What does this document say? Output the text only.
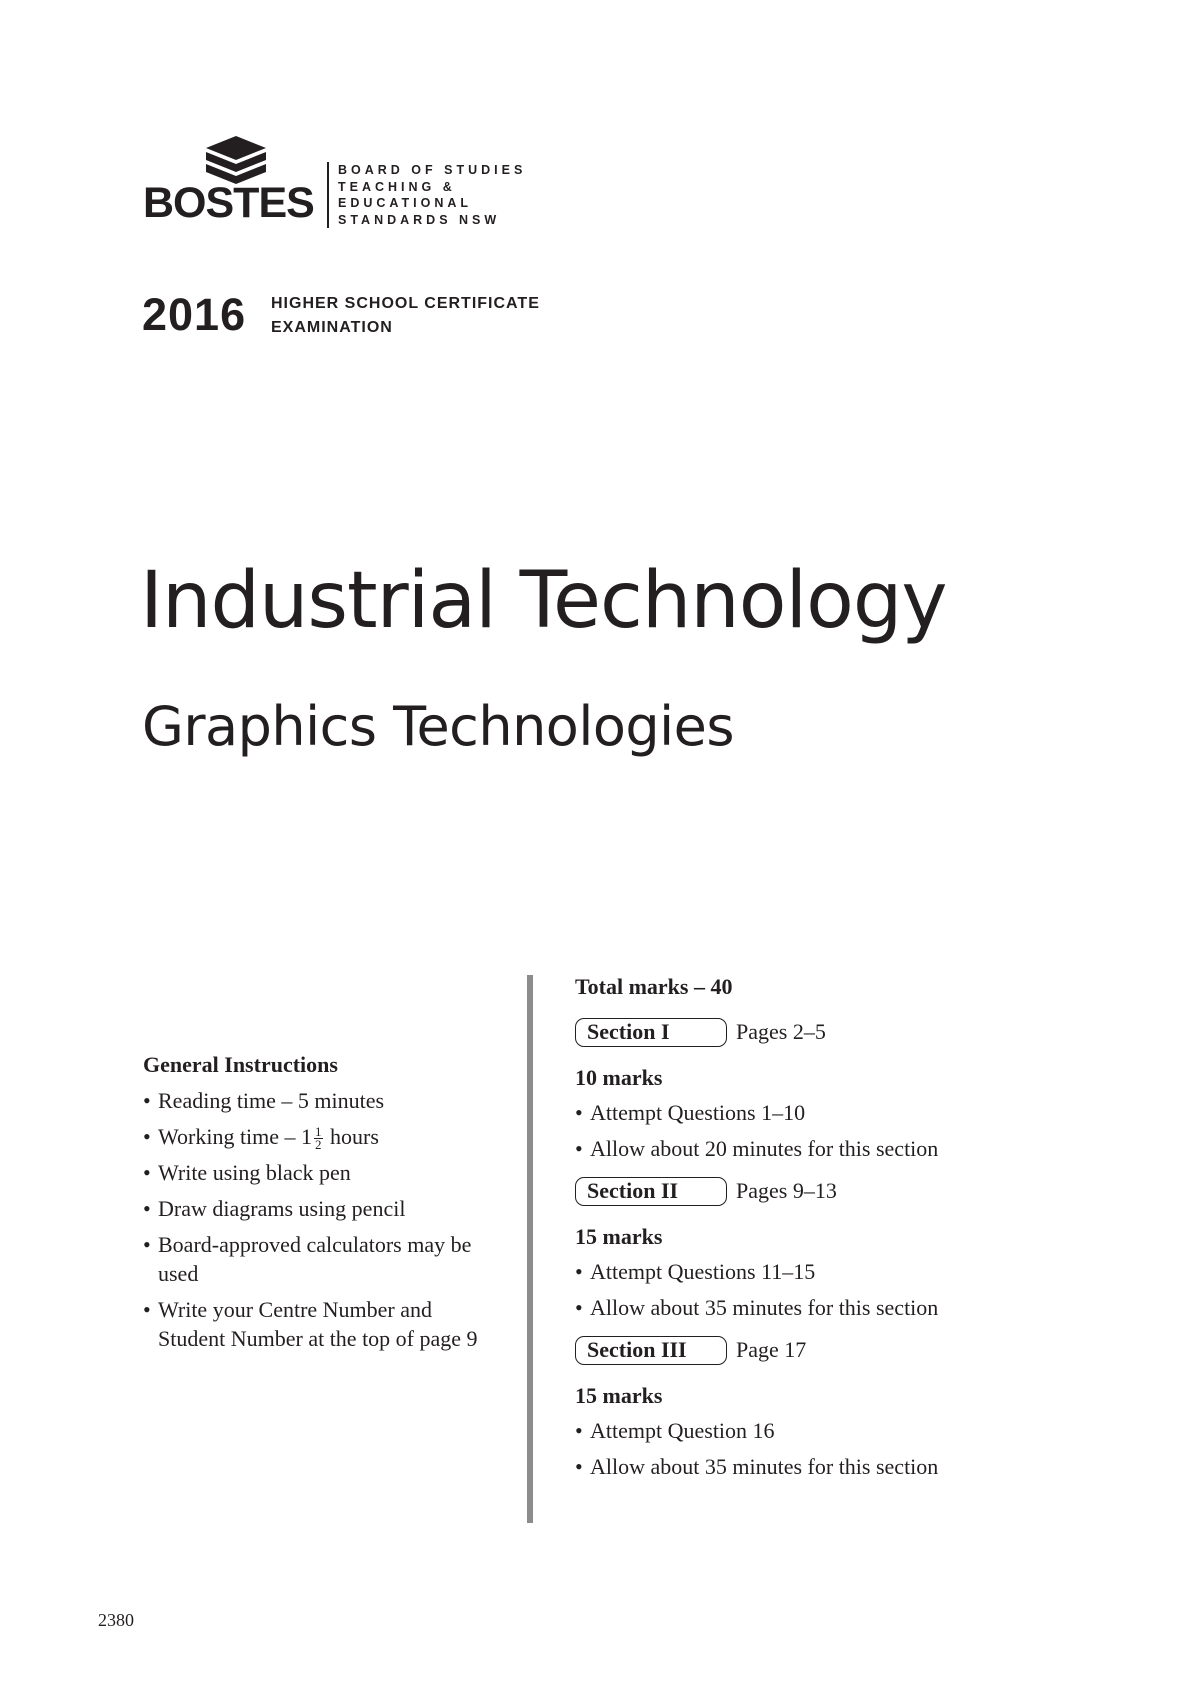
BOSTES
BOARD OF STUDIES
TEACHING &
EDUCATIONAL
STANDARDS NSW
2016 HIGHER SCHOOL CERTIFICATE
EXAMINATION
Industrial Technology
Graphics Technologies
General Instructions
• Reading time – 5 minutes
• Working time – $1 \frac{1}{2}$ hours
• Write using black pen
• Draw diagrams using pencil
• Board-approved calculators may be used
• Write your Centre Number and Student Number at the top of page 9
Total marks – 40
Section I	Pages 2–5
10 marks
• Attempt Questions 1–10
• Allow about 20 minutes for this section
Section II	Pages 9–13
15 marks
• Attempt Questions 11–15
• Allow about 35 minutes for this section
Section III	Page 17
15 marks
• Attempt Question 16
• Allow about 35 minutes for this section
2380
